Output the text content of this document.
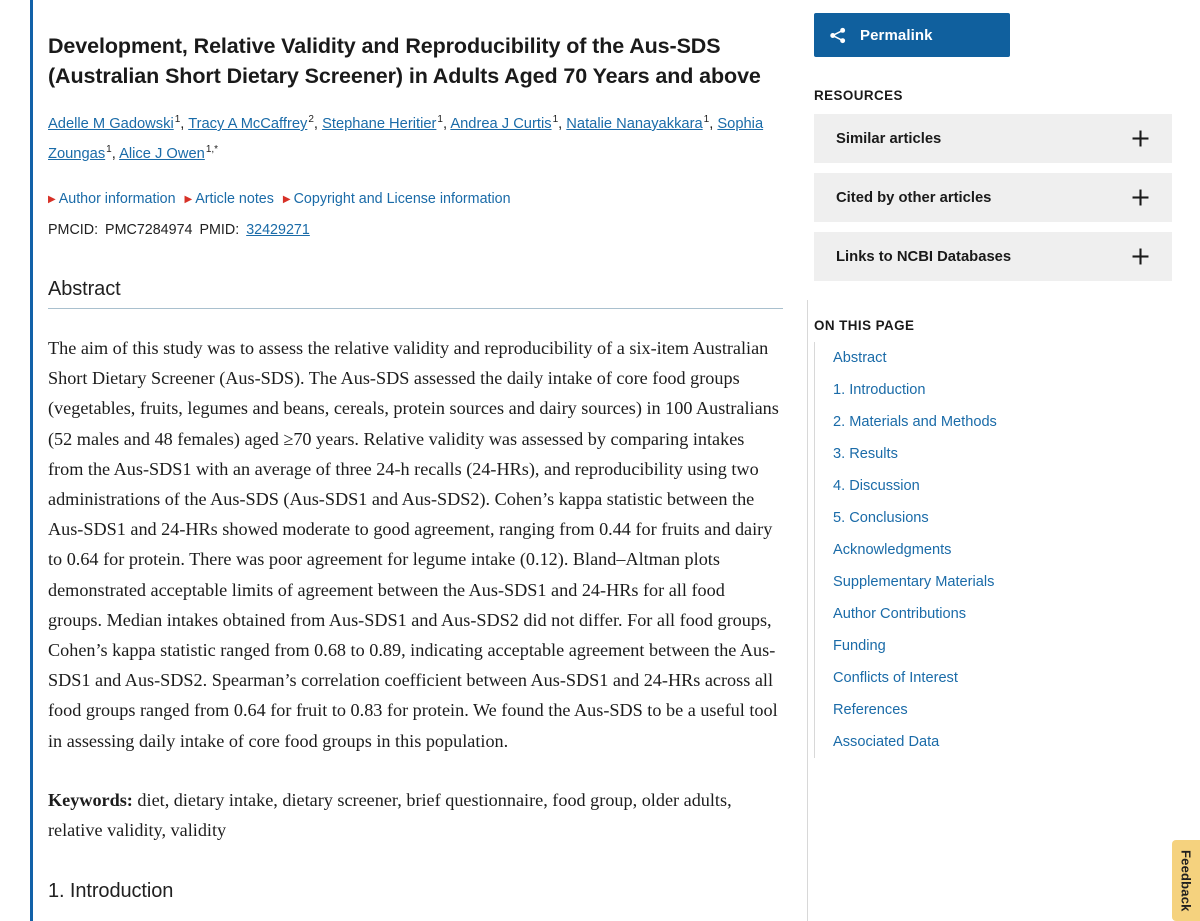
Development, Relative Validity and Reproducibility of the Aus-SDS (Australian Short Dietary Screener) in Adults Aged 70 Years and above
Adelle M Gadowski$^1$, Tracy A McCaffrey$^2$, Stephane Heritier$^1$, Andrea J Curtis$^1$, Natalie Nanayakkara$^1$, Sophia Zoungas$^1$, Alice J Owen$^{1,*}$
▶ Author information ▶ Article notes ▶ Copyright and License information
PMCID: PMC7284974 PMID: 32429271
Abstract
The aim of this study was to assess the relative validity and reproducibility of a six-item Australian Short Dietary Screener (Aus-SDS). The Aus-SDS assessed the daily intake of core food groups (vegetables, fruits, legumes and beans, cereals, protein sources and dairy sources) in 100 Australians (52 males and 48 females) aged ≥70 years. Relative validity was assessed by comparing intakes from the Aus-SDS1 with an average of three 24-h recalls (24-HRs), and reproducibility using two administrations of the Aus-SDS (Aus-SDS1 and Aus-SDS2). Cohen’s kappa statistic between the Aus-SDS1 and 24-HRs showed moderate to good agreement, ranging from 0.44 for fruits and dairy to 0.64 for protein. There was poor agreement for legume intake (0.12). Bland–Altman plots demonstrated acceptable limits of agreement between the Aus-SDS1 and 24-HRs for all food groups. Median intakes obtained from Aus-SDS1 and Aus-SDS2 did not differ. For all food groups, Cohen’s kappa statistic ranged from 0.68 to 0.89, indicating acceptable agreement between the Aus-SDS1 and Aus-SDS2. Spearman’s correlation coefficient between Aus-SDS1 and 24-HRs across all food groups ranged from 0.64 for fruit to 0.83 for protein. We found the Aus-SDS to be a useful tool in assessing daily intake of core food groups in this population.
Keywords: diet, dietary intake, dietary screener, brief questionnaire, food group, older adults, relative validity, validity
1. Introduction
Permalink
RESOURCES
Similar articles
Cited by other articles
Links to NCBI Databases
ON THIS PAGE
Abstract
1. Introduction
2. Materials and Methods
3. Results
4. Discussion
5. Conclusions
Acknowledgments
Supplementary Materials
Author Contributions
Funding
Conflicts of Interest
References
Associated Data
Feedback
